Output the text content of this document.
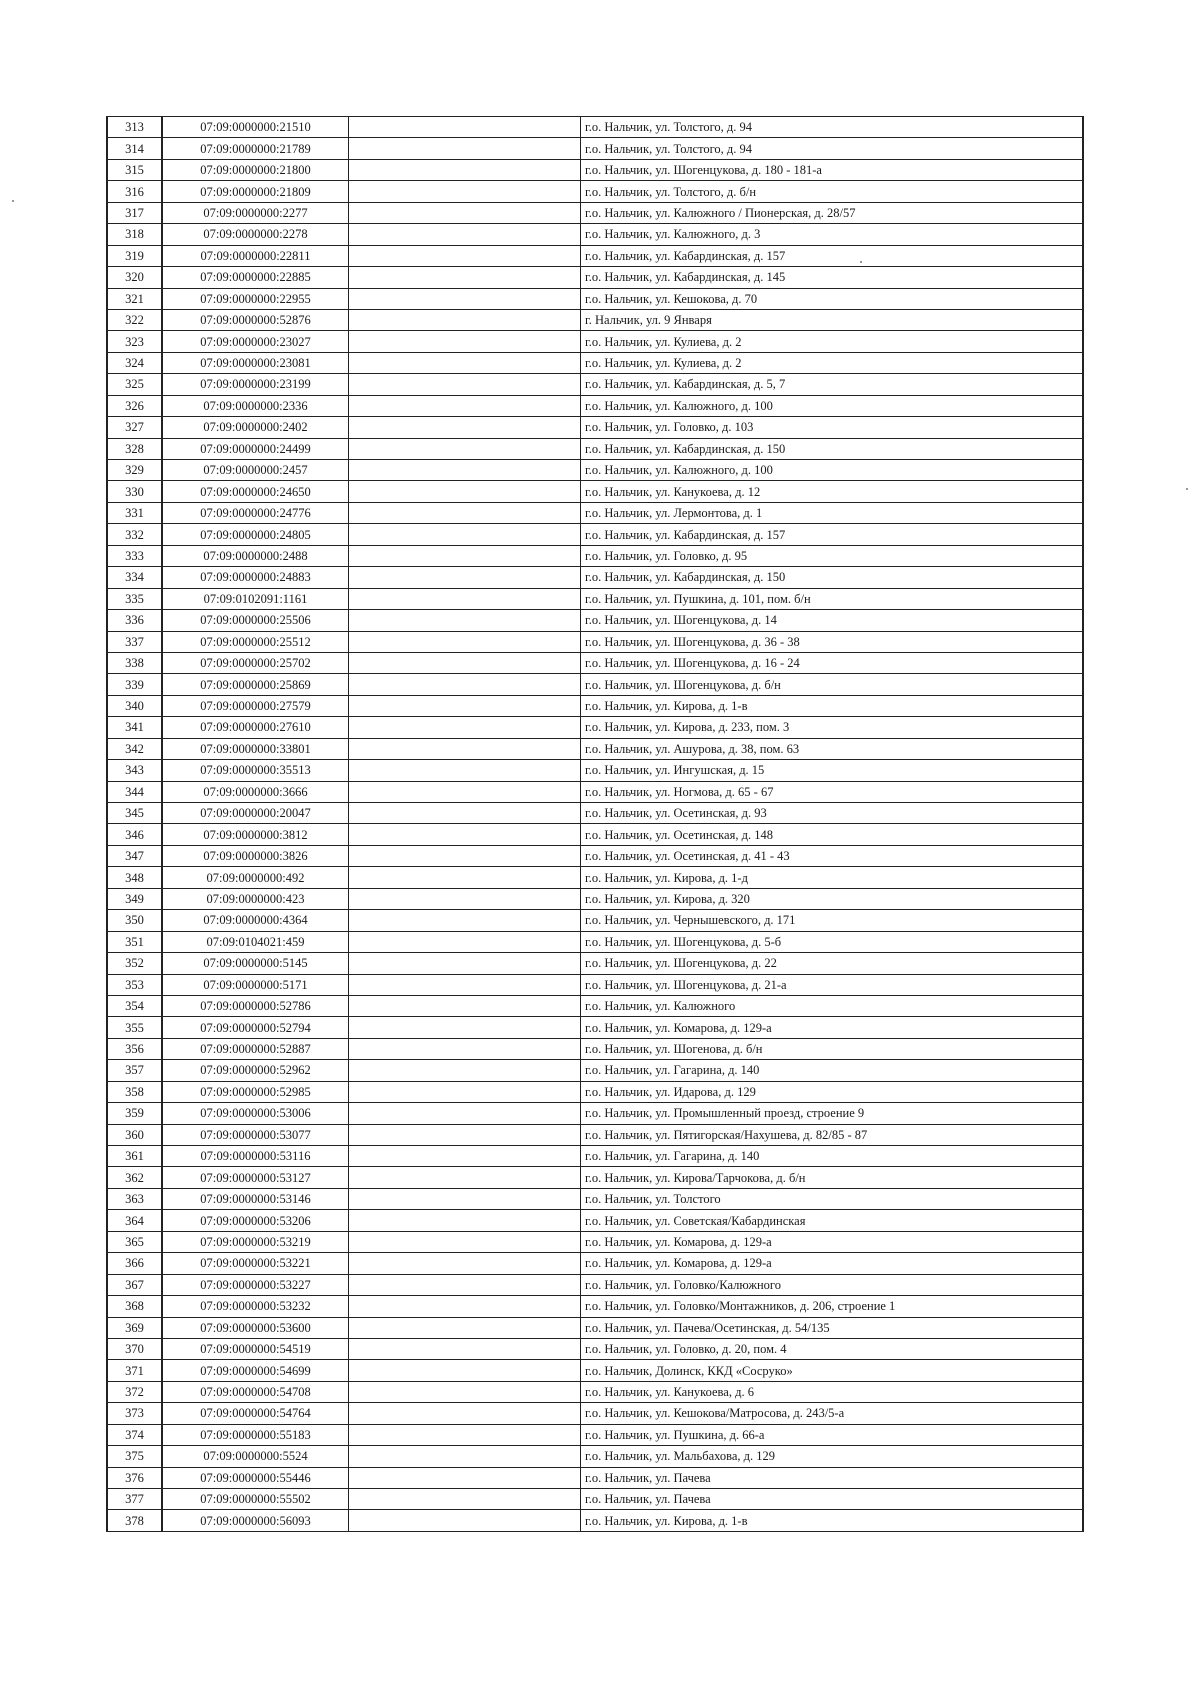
313	07:09:0000000:21510		г.о. Нальчик, ул. Толстого, д. 94
314	07:09:0000000:21789		г.о. Нальчик, ул. Толстого, д. 94
315	07:09:0000000:21800		г.о. Нальчик, ул. Шогенцукова, д. 180 - 181-а
316	07:09:0000000:21809		г.о. Нальчик, ул. Толстого, д. б/н
317	07:09:0000000:2277		г.о. Нальчик, ул. Калюжного / Пионерская, д. 28/57
318	07:09:0000000:2278		г.о. Нальчик, ул. Калюжного, д. 3
319	07:09:0000000:22811		г.о. Нальчик, ул. Кабардинская, д. 157
320	07:09:0000000:22885		г.о. Нальчик, ул. Кабардинская, д. 145
321	07:09:0000000:22955		г.о. Нальчик, ул. Кешокова, д. 70
322	07:09:0000000:52876		г. Нальчик, ул. 9 Января
323	07:09:0000000:23027		г.о. Нальчик, ул. Кулиева, д. 2
324	07:09:0000000:23081		г.о. Нальчик, ул. Кулиева, д. 2
325	07:09:0000000:23199		г.о. Нальчик, ул. Кабардинская, д. 5, 7
326	07:09:0000000:2336		г.о. Нальчик, ул. Калюжного, д. 100
327	07:09:0000000:2402		г.о. Нальчик, ул. Головко, д. 103
328	07:09:0000000:24499		г.о. Нальчик, ул. Кабардинская, д. 150
329	07:09:0000000:2457		г.о. Нальчик, ул. Калюжного, д. 100
330	07:09:0000000:24650		г.о. Нальчик, ул. Канукоева, д. 12
331	07:09:0000000:24776		г.о. Нальчик, ул. Лермонтова, д. 1
332	07:09:0000000:24805		г.о. Нальчик, ул. Кабардинская, д. 157
333	07:09:0000000:2488		г.о. Нальчик, ул. Головко, д. 95
334	07:09:0000000:24883		г.о. Нальчик, ул. Кабардинская, д. 150
335	07:09:0102091:1161		г.о. Нальчик, ул. Пушкина, д. 101, пом. б/н
336	07:09:0000000:25506		г.о. Нальчик, ул. Шогенцукова, д. 14
337	07:09:0000000:25512		г.о. Нальчик, ул. Шогенцукова, д. 36 - 38
338	07:09:0000000:25702		г.о. Нальчик, ул. Шогенцукова, д. 16 - 24
339	07:09:0000000:25869		г.о. Нальчик, ул. Шогенцукова, д. б/н
340	07:09:0000000:27579		г.о. Нальчик, ул. Кирова, д. 1-в
341	07:09:0000000:27610		г.о. Нальчик, ул. Кирова, д. 233, пом. 3
342	07:09:0000000:33801		г.о. Нальчик, ул. Ашурова, д. 38, пом. 63
343	07:09:0000000:35513		г.о. Нальчик, ул. Ингушская, д. 15
344	07:09:0000000:3666		г.о. Нальчик, ул. Ногмова, д. 65 - 67
345	07:09:0000000:20047		г.о. Нальчик, ул. Осетинская, д. 93
346	07:09:0000000:3812		г.о. Нальчик, ул. Осетинская, д. 148
347	07:09:0000000:3826		г.о. Нальчик, ул. Осетинская, д. 41 - 43
348	07:09:0000000:492		г.о. Нальчик, ул. Кирова, д. 1-д
349	07:09:0000000:423		г.о. Нальчик, ул. Кирова, д. 320
350	07:09:0000000:4364		г.о. Нальчик, ул. Чернышевского, д. 171
351	07:09:0104021:459		г.о. Нальчик, ул. Шогенцукова, д. 5-б
352	07:09:0000000:5145		г.о. Нальчик, ул. Шогенцукова, д. 22
353	07:09:0000000:5171		г.о. Нальчик, ул. Шогенцукова, д. 21-а
354	07:09:0000000:52786		г.о. Нальчик, ул. Калюжного
355	07:09:0000000:52794		г.о. Нальчик, ул. Комарова, д. 129-а
356	07:09:0000000:52887		г.о. Нальчик, ул. Шогенова, д. б/н
357	07:09:0000000:52962		г.о. Нальчик, ул. Гагарина, д. 140
358	07:09:0000000:52985		г.о. Нальчик, ул. Идарова, д. 129
359	07:09:0000000:53006		г.о. Нальчик, ул. Промышленный проезд, строение 9
360	07:09:0000000:53077		г.о. Нальчик, ул. Пятигорская/Нахушева, д. 82/85 - 87
361	07:09:0000000:53116		г.о. Нальчик, ул. Гагарина, д. 140
362	07:09:0000000:53127		г.о. Нальчик, ул. Кирова/Тарчокова, д. б/н
363	07:09:0000000:53146		г.о. Нальчик, ул. Толстого
364	07:09:0000000:53206		г.о. Нальчик, ул. Советская/Кабардинская
365	07:09:0000000:53219		г.о. Нальчик, ул. Комарова, д. 129-а
366	07:09:0000000:53221		г.о. Нальчик, ул. Комарова, д. 129-а
367	07:09:0000000:53227		г.о. Нальчик, ул. Головко/Калюжного
368	07:09:0000000:53232		г.о. Нальчик, ул. Головко/Монтажников, д. 206, строение 1
369	07:09:0000000:53600		г.о. Нальчик, ул. Пачева/Осетинская, д. 54/135
370	07:09:0000000:54519		г.о. Нальчик, ул. Головко, д. 20, пом. 4
371	07:09:0000000:54699		г.о. Нальчик, Долинск, ККД «Сосруко»
372	07:09:0000000:54708		г.о. Нальчик, ул. Канукоева, д. 6
373	07:09:0000000:54764		г.о. Нальчик, ул. Кешокова/Матросова, д. 243/5-а
374	07:09:0000000:55183		г.о. Нальчик, ул. Пушкина, д. 66-а
375	07:09:0000000:5524		г.о. Нальчик, ул. Мальбахова, д. 129
376	07:09:0000000:55446		г.о. Нальчик, ул. Пачева
377	07:09:0000000:55502		г.о. Нальчик, ул. Пачева
378	07:09:0000000:56093		г.о. Нальчик, ул. Кирова, д. 1-в
